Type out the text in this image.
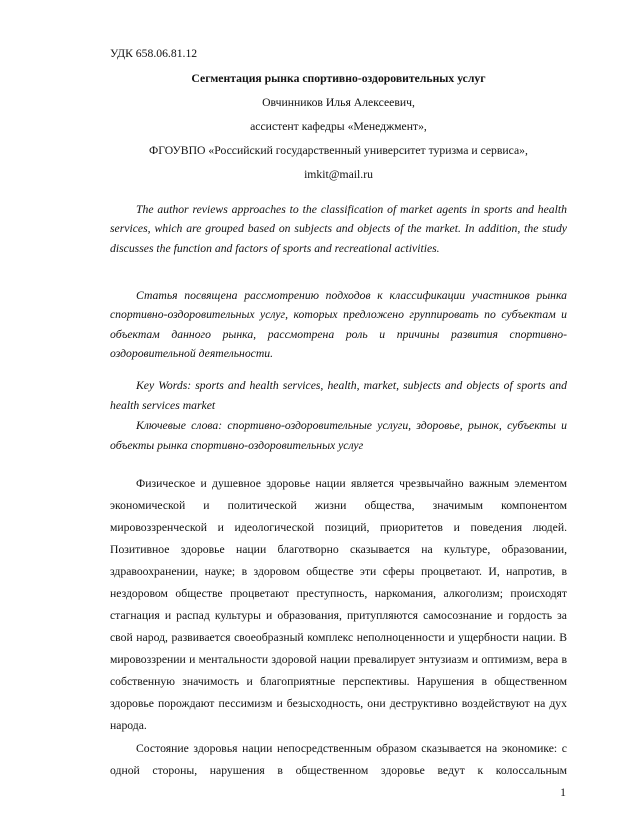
УДК 658.06.81.12
Сегментация рынка спортивно-оздоровительных услуг
Овчинников Илья Алексеевич,
ассистент кафедры «Менеджмент»,
ФГОУВПО «Российский государственный университет туризма и сервиса»,
imkit@mail.ru
The author reviews approaches to the classification of market agents in sports and health
services, which are grouped based on subjects and objects of the market. In addition, the study
discusses the function and factors of sports and recreational activities.
Статья посвящена рассмотрению подходов к классификации участников рынка
спортивно-оздоровительных услуг, которых предложено группировать по субъектам и
объектам данного рынка, рассмотрена роль и причины развития спортивно-
оздоровительной деятельности.
Key Words: sports and health services, health, market, subjects and objects of sports and
health services market
Ключевые слова: спортивно-оздоровительные услуги, здоровье, рынок, субъекты и
объекты рынка спортивно-оздоровительных услуг
Физическое и душевное здоровье нации является чрезвычайно важным элементом
экономической и политической жизни общества, значимым компонентом
мировоззренческой и идеологической позиций, приоритетов и поведения людей.
Позитивное здоровье нации благотворно сказывается на культуре, образовании,
здравоохранении, науке; в здоровом обществе эти сферы процветают. И, напротив, в
нездоровом обществе процветают преступность, наркомания, алкоголизм; происходят
стагнация и распад культуры и образования, притупляются самосознание и гордость за
свой народ, развивается своеобразный комплекс неполноценности и ущербности нации. В
мировоззрении и ментальности здоровой нации превалирует энтузиазм и оптимизм, вера в
собственную значимость и благоприятные перспективы. Нарушения в общественном
здоровье порождают пессимизм и безысходность, они деструктивно воздействуют на дух
народа.
Состояние здоровья нации непосредственным образом сказывается на экономике: с
одной стороны, нарушения в общественном здоровье ведут к колоссальным
1
